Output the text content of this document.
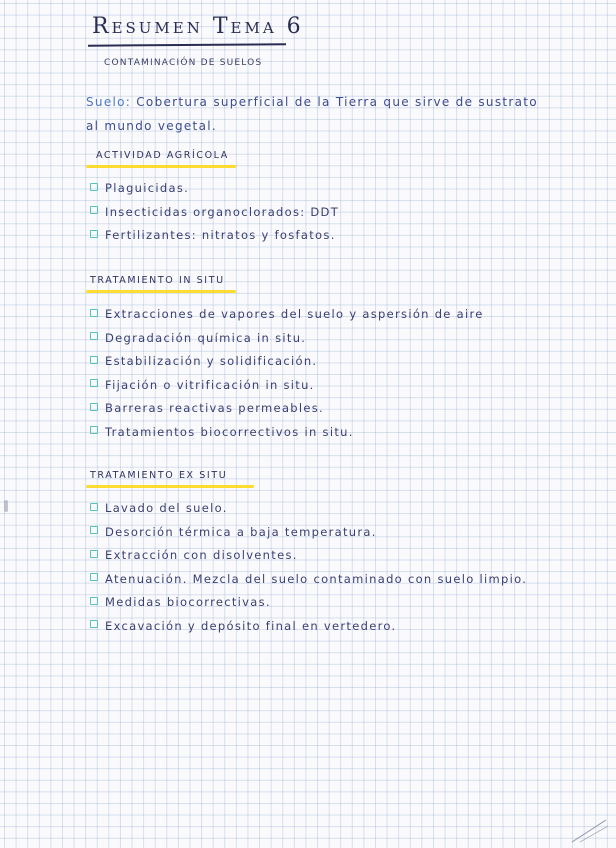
Resumen Tema 6
CONTAMINACIÓN DE SUELOS
Suelo: Cobertura superficial de la Tierra que sirve de sustrato al mundo vegetal.
ACTIVIDAD AGRÍCOLA
Plaguicidas.
Insecticidas organoclorados: DDT
Fertilizantes: nitratos y fosfatos.
TRATAMIENTO IN SITU
Extracciones de vapores del suelo y aspersión de aire
Degradación química in situ.
Estabilización y solidificación.
Fijación o vitrificación in situ.
Barreras reactivas permeables.
Tratamientos biocorrectivos in situ.
TRATAMIENTO EX SITU
Lavado del suelo.
Desorción térmica a baja temperatura.
Extracción con disolventes.
Atenuación. Mezcla del suelo contaminado con suelo limpio.
Medidas biocorrectivas.
Excavación y depósito final en vertedero.
